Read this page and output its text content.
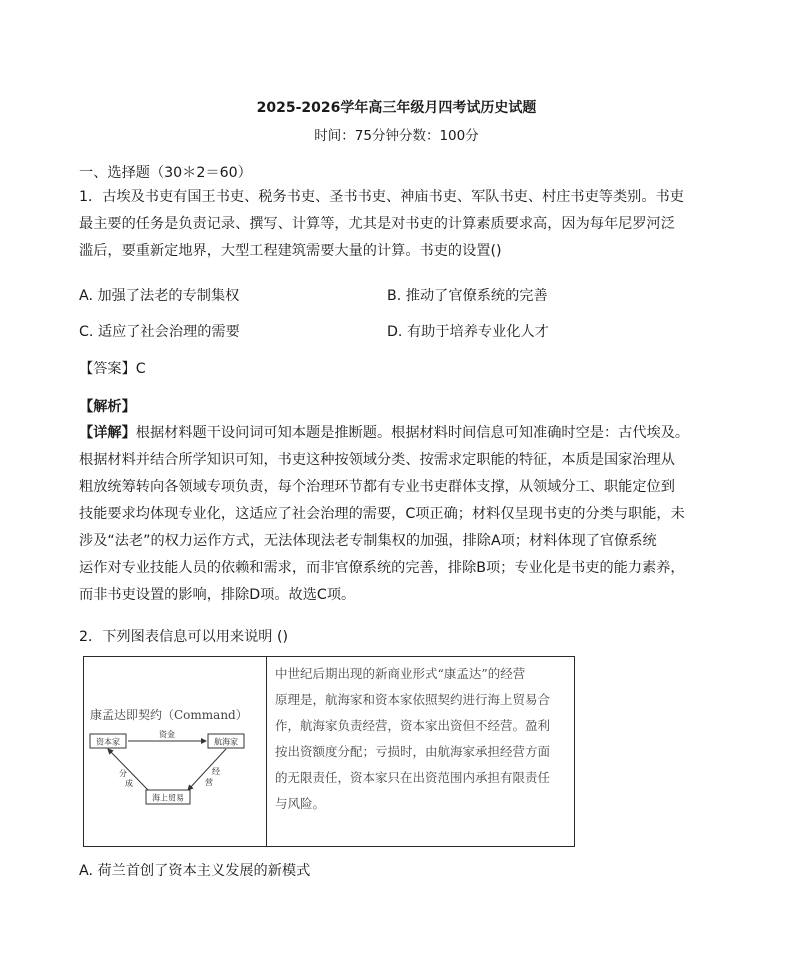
2025-2026学年高三年级月四考试历史试题
时间：75分钟分数：100分
一、选择题（30＊2＝60）
1．古埃及书吏有国王书吏、税务书吏、圣书书吏、神庙书吏、军队书吏、村庄书吏等类别。书吏
最主要的任务是负责记录、撰写、计算等，尤其是对书吏的计算素质要求高，因为每年尼罗河泛
滥后，要重新定地界，大型工程建筑需要大量的计算。书吏的设置()
A. 加强了法老的专制集权	B. 推动了官僚系统的完善
C. 适应了社会治理的需要	D. 有助于培养专业化人才
【答案】C
【解析】
【详解】根据材料题干设问词可知本题是推断题。根据材料时间信息可知准确时空是：古代埃及。
根据材料并结合所学知识可知，书吏这种按领域分类、按需求定职能的特征，本质是国家治理从
粗放统筹转向各领域专项负责，每个治理环节都有专业书吏群体支撑，从领域分工、职能定位到
技能要求均体现专业化，这适应了社会治理的需要，C项正确；材料仅呈现书吏的分类与职能，未
涉及“法老”的权力运作方式，无法体现法老专制集权的加强，排除A项；材料体现了官僚系统
运作对专业技能人员的依赖和需求，而非官僚系统的完善，排除B项；专业化是书吏的能力素养，
而非书吏设置的影响，排除D项。故选C项。
2．下列图表信息可以用来说明 ()
康孟达即契约（Command）
资本家	航海家
海上贸易
资金
分
成
经
营

中世纪后期出现的新商业形式“康孟达”的经营
原理是，航海家和资本家依照契约进行海上贸易合
作，航海家负责经营，资本家出资但不经营。盈利
按出资额度分配；亏损时，由航海家承担经营方面
的无限责任，资本家只在出资范围内承担有限责任
与风险。
A. 荷兰首创了资本主义发展的新模式
